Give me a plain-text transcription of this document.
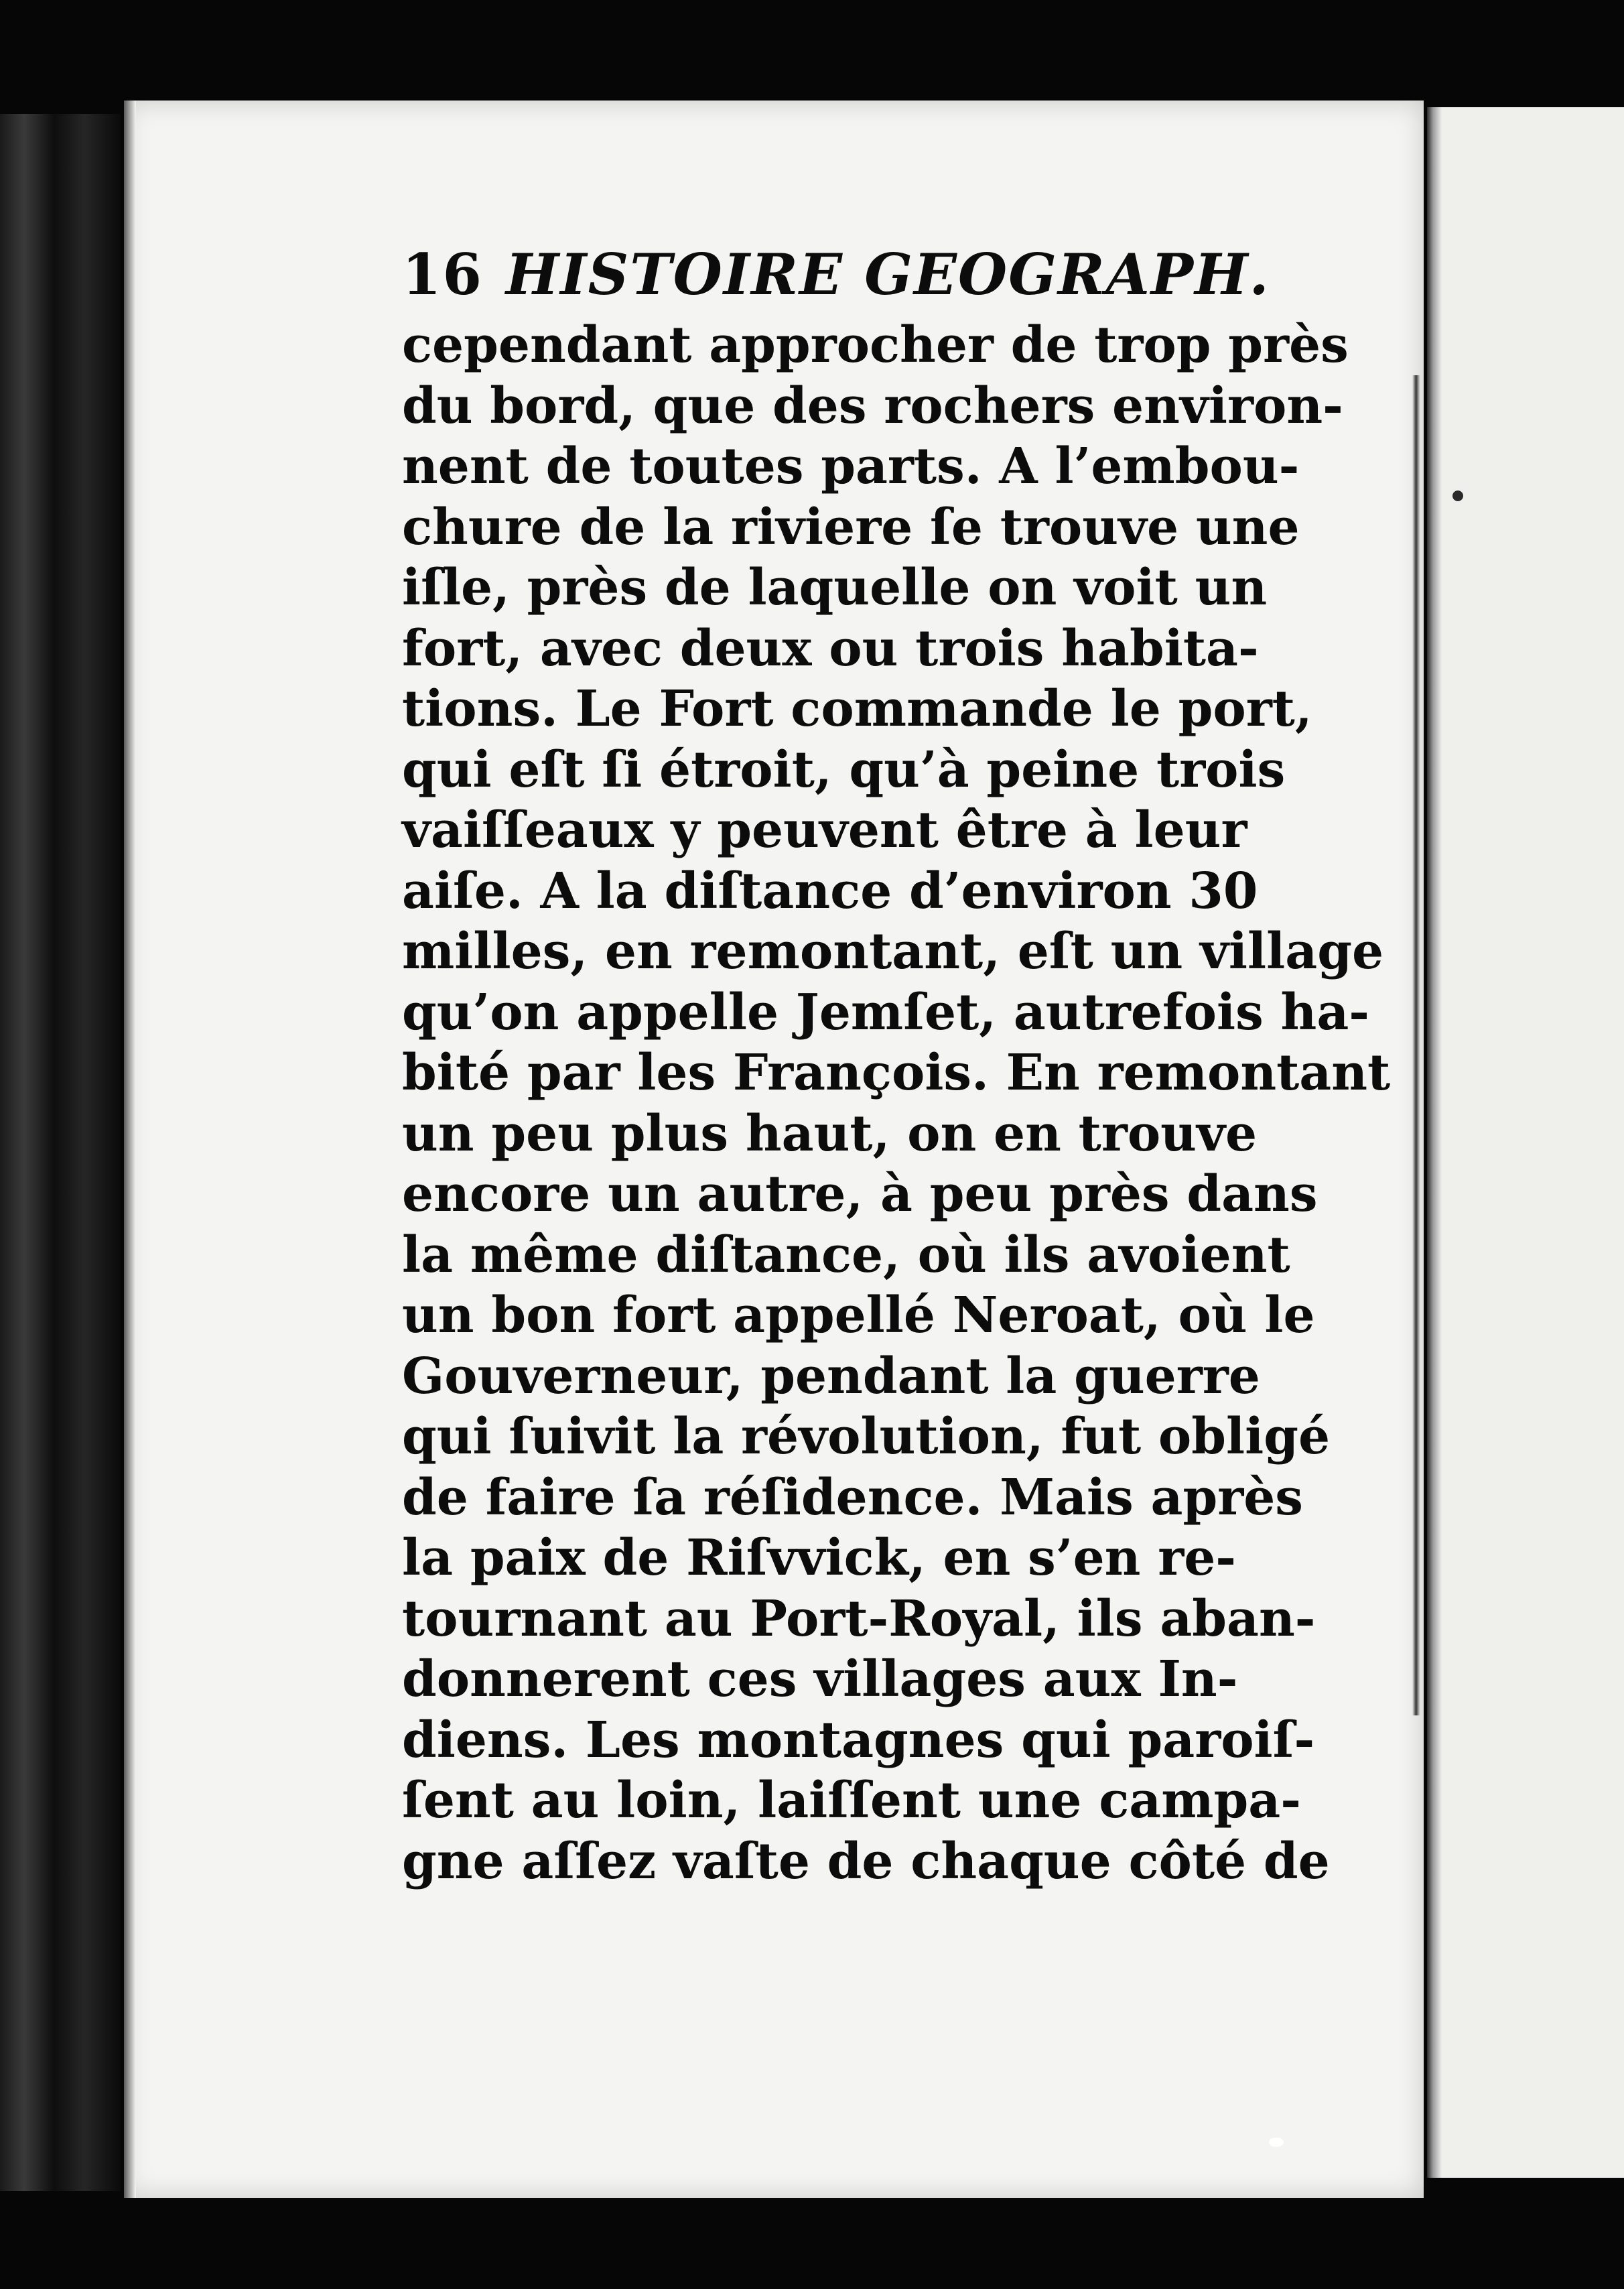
16 HISTOIRE GEOGRAPH.
cependant approcher de trop près
du bord, que des rochers environ-
nent de toutes parts. A l’embou-
chure de la riviere ſe trouve une
iſle, près de laquelle on voit un
fort, avec deux ou trois habita-
tions. Le Fort commande le port,
qui eſt ſi étroit, qu’à peine trois
vaiſſeaux y peuvent être à leur
aiſe. A la diſtance d’environ 30
milles, en remontant, eſt un village
qu’on appelle Jemſet, autrefois ha-
bité par les François. En remontant
un peu plus haut, on en trouve
encore un autre, à peu près dans
la même diſtance, où ils avoient
un bon fort appellé Neroat, où le
Gouverneur, pendant la guerre
qui ſuivit la révolution, fut obligé
de faire ſa réſidence. Mais après
la paix de Riſvvick, en s’en re-
tournant au Port-Royal, ils aban-
donnerent ces villages aux In-
diens. Les montagnes qui paroiſ-
ſent au loin, laiſſent une campa-
gne aſſez vaſte de chaque côté de
